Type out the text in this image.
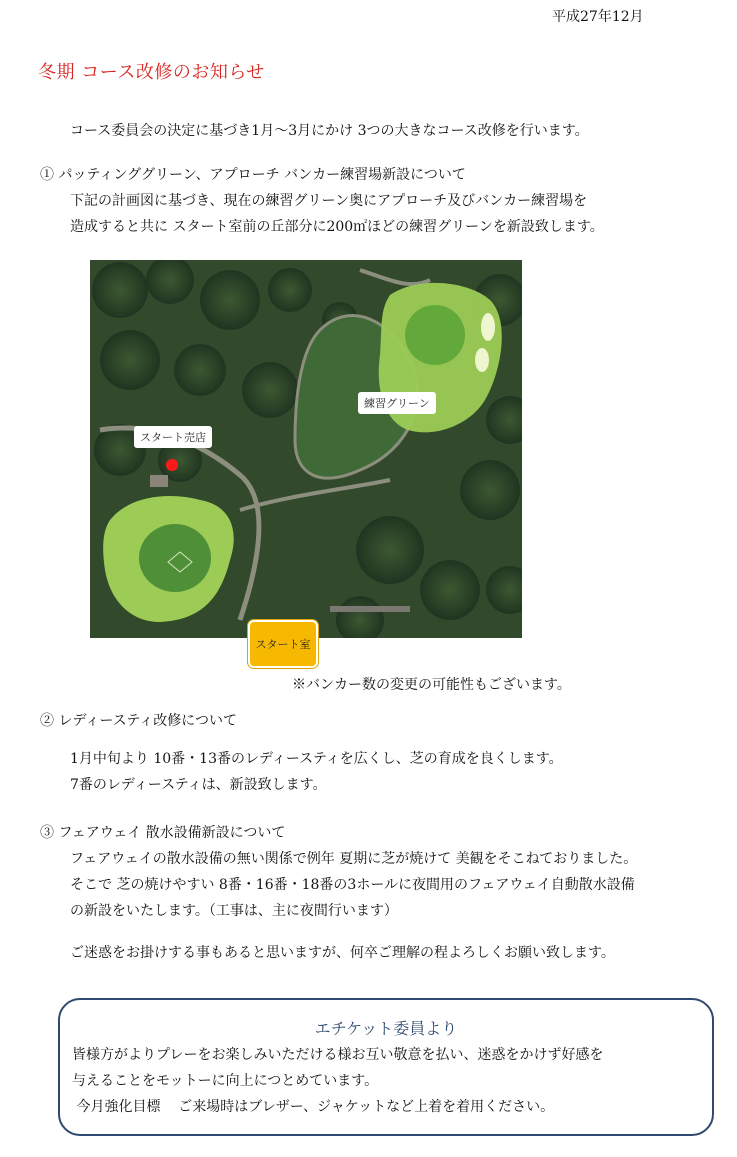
平成27年12月
冬期 コース改修のお知らせ
コース委員会の決定に基づき1月～3月にかけ 3つの大きなコース改修を行います。
① パッティンググリーン、アプローチ バンカー練習場新設について
下記の計画図に基づき、現在の練習グリーン奥にアプローチ及びバンカー練習場を
造成すると共に スタート室前の丘部分に200㎡ほどの練習グリーンを新設致します。
練習グリーン
スタート売店
スタート室
※バンカー数の変更の可能性もございます。
② レディースティ改修について
1月中旬より 10番・13番のレディースティを広くし、芝の育成を良くします。
7番のレディースティは、新設致します。
③ フェアウェイ 散水設備新設について
フェアウェイの散水設備の無い関係で例年 夏期に芝が焼けて 美観をそこねておりました。
そこで 芝の焼けやすい 8番・16番・18番の3ホールに夜間用のフェアウェイ自動散水設備
の新設をいたします。（工事は、主に夜間行います）
ご迷惑をお掛けする事もあると思いますが、何卒ご理解の程よろしくお願い致します。
エチケット委員より
皆様方がよりプレーをお楽しみいただける様お互い敬意を払い、迷惑をかけず好感を
与えることをモットーに向上につとめています。
今月強化目標    ご来場時はブレザー、ジャケットなど上着を着用ください。
